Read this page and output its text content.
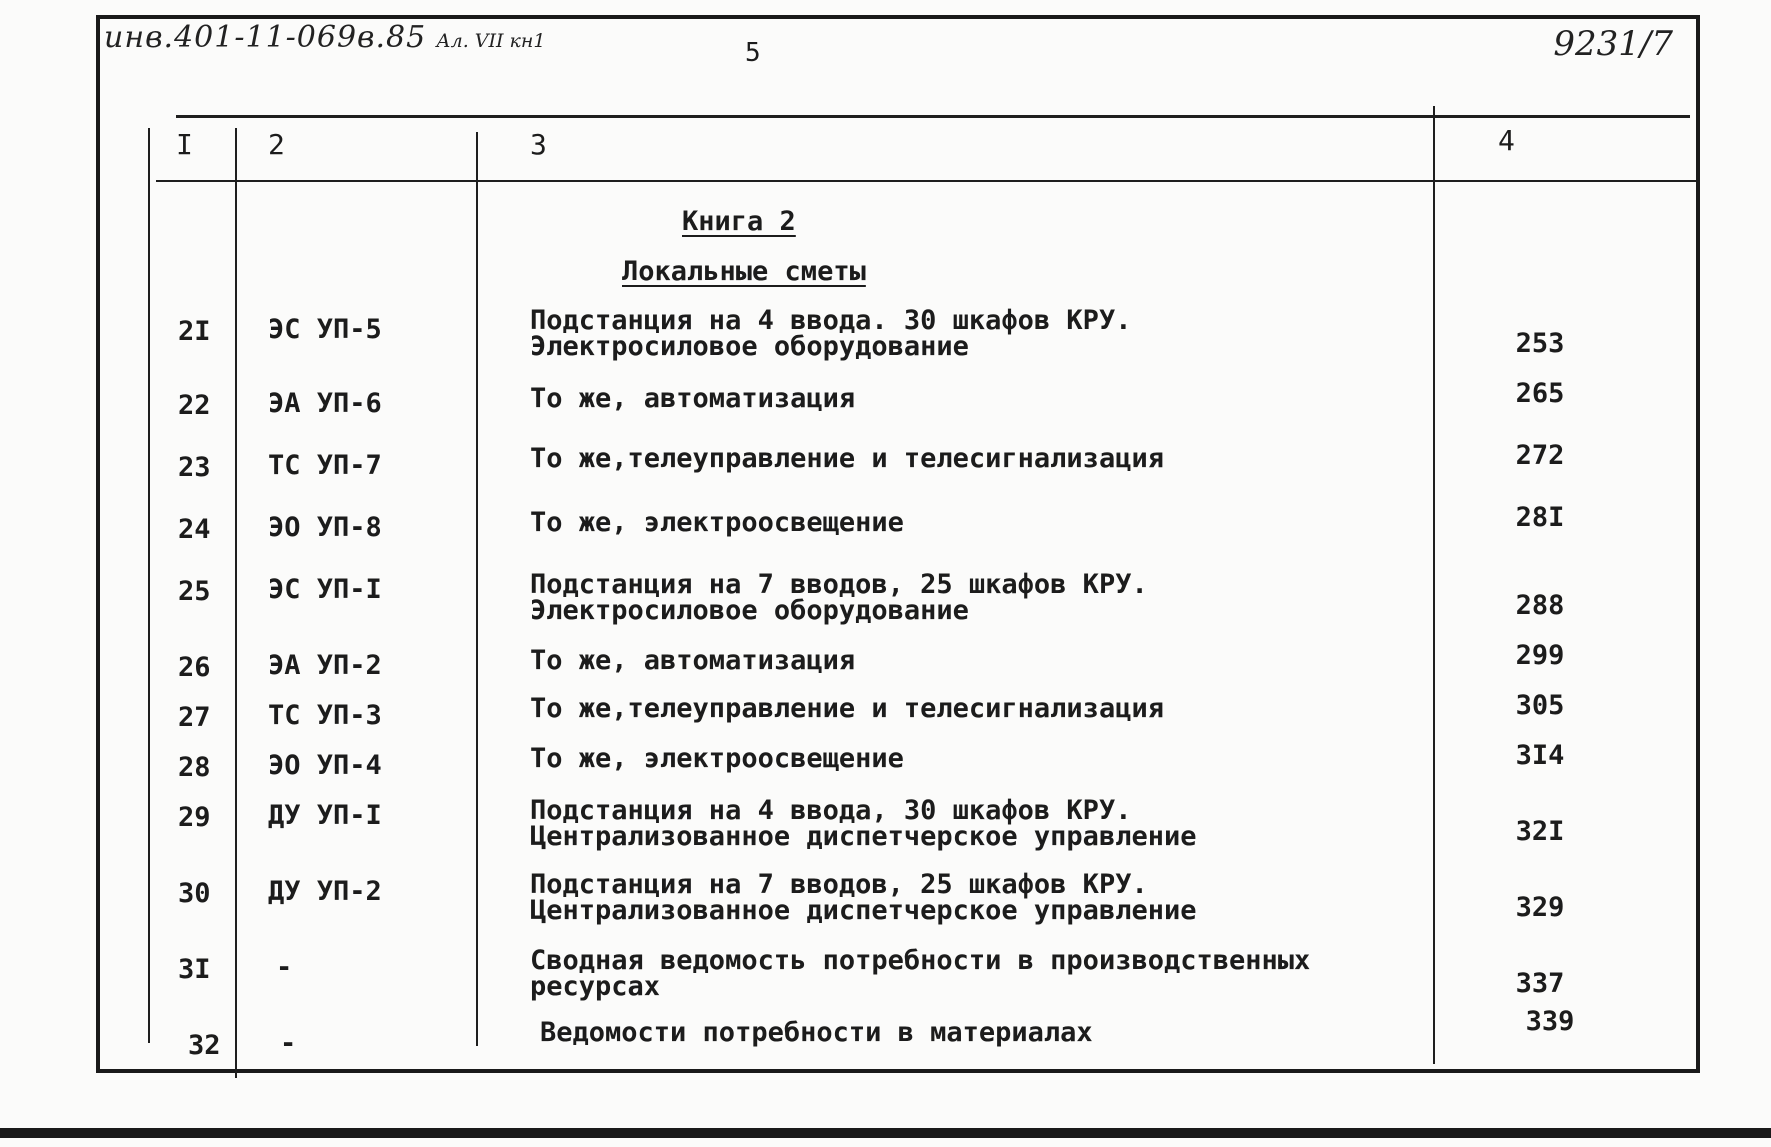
инв.401-11-069в.85 Ал. VII кн1	5	9231/7
I	2	3	4
Книга 2
Локальные сметы
2I	ЭС УП-5	Подстанция на 4 ввода. 30 шкафов КРУ.
Электросиловое оборудование	253
22	ЭА УП-6	То же, автоматизация	265
23	ТС УП-7	То же,телеуправление и телесигнализация	272
24	ЭО УП-8	То же, электроосвещение	28I
25	ЭС УП-I	Подстанция на 7 вводов, 25 шкафов КРУ.
Электросиловое оборудование	288
26	ЭА УП-2	То же, автоматизация	299
27	ТС УП-3	То же,телеуправление и телесигнализация	305
28	ЭО УП-4	То же, электроосвещение	3I4
29	ДУ УП-I	Подстанция на 4 ввода, 30 шкафов КРУ.
Централизованное диспетчерское управление	32I
30	ДУ УП-2	Подстанция на 7 вводов, 25 шкафов КРУ.
Централизованное диспетчерское управление	329
3I	-	Сводная ведомость потребности в производственных
ресурсах	337
32	-	Ведомости потребности в материалах	339
